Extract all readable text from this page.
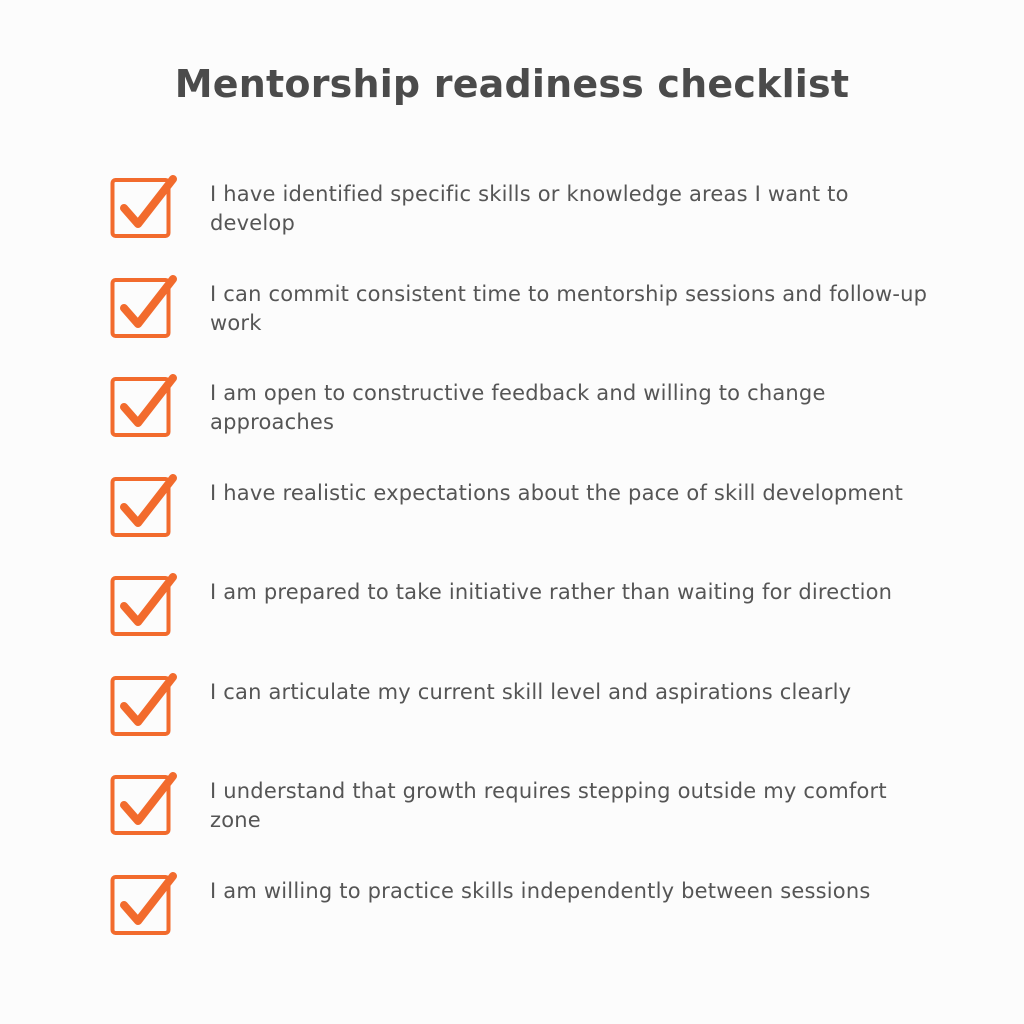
Mentorship readiness checklist
I have identified specific skills or knowledge areas I want to develop
I can commit consistent time to mentorship sessions and follow-up work
I am open to constructive feedback and willing to change approaches
I have realistic expectations about the pace of skill development
I am prepared to take initiative rather than waiting for direction
I can articulate my current skill level and aspirations clearly
I understand that growth requires stepping outside my comfort zone
I am willing to practice skills independently between sessions
